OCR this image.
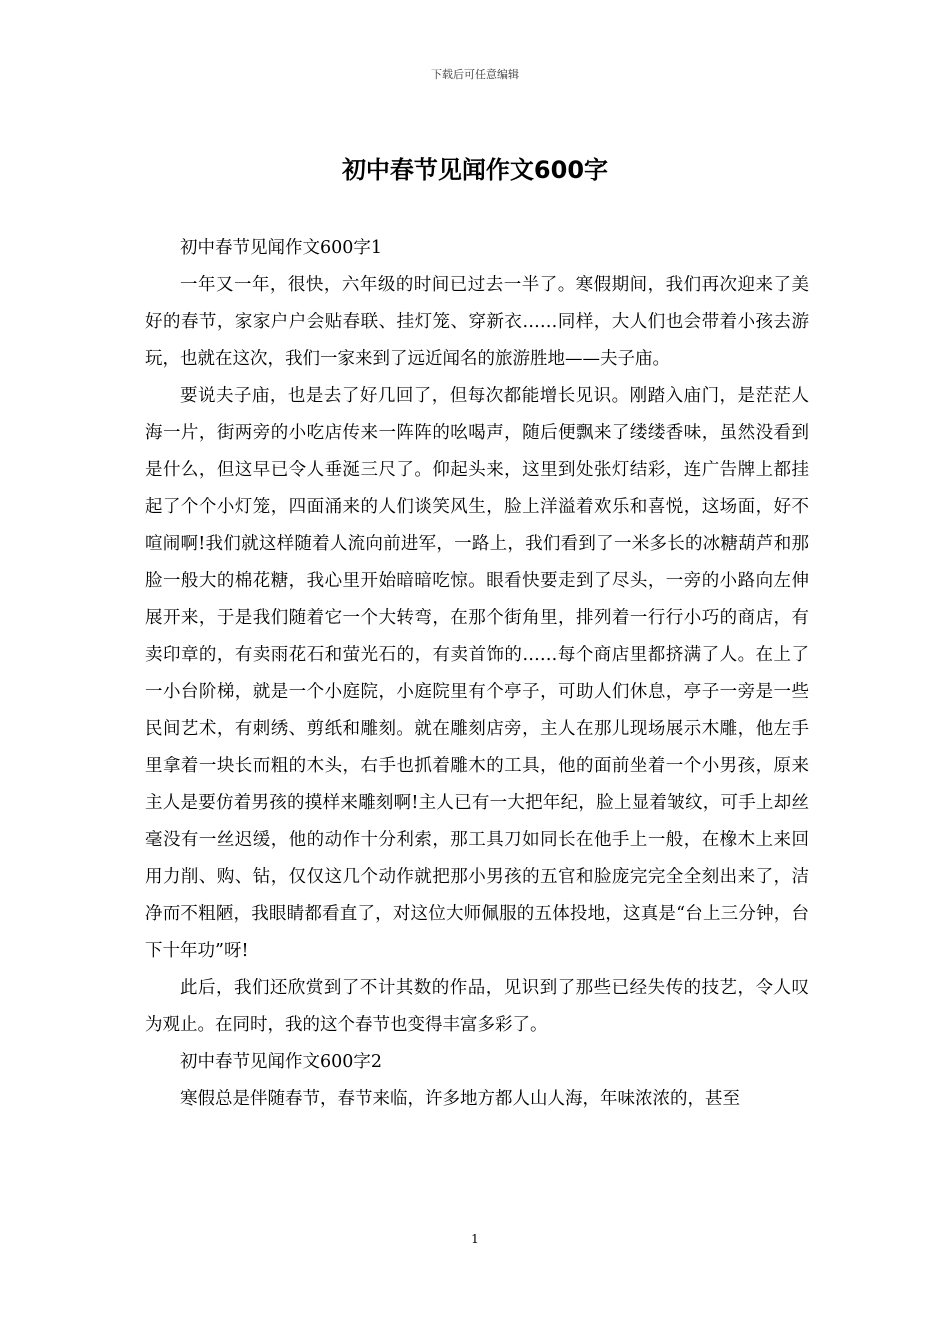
下载后可任意编辑
初中春节见闻作文600字

初中春节见闻作文600字1

一年又一年，很快，六年级的时间已过去一半了。寒假期间，我们再次迎来了美好的春节，家家户户会贴春联、挂灯笼、穿新衣……同样，大人们也会带着小孩去游玩，也就在这次，我们一家来到了远近闻名的旅游胜地——夫子庙。

要说夫子庙，也是去了好几回了，但每次都能增长见识。刚踏入庙门，是茫茫人海一片，街两旁的小吃店传来一阵阵的吆喝声，随后便飘来了缕缕香味，虽然没看到是什么，但这早已令人垂涎三尺了。仰起头来，这里到处张灯结彩，连广告牌上都挂起了个个小灯笼，四面涌来的人们谈笑风生，脸上洋溢着欢乐和喜悦，这场面，好不喧闹啊!我们就这样随着人流向前进军，一路上，我们看到了一米多长的冰糖葫芦和那脸一般大的棉花糖，我心里开始暗暗吃惊。眼看快要走到了尽头，一旁的小路向左伸展开来，于是我们随着它一个大转弯，在那个街角里，排列着一行行小巧的商店，有卖印章的，有卖雨花石和萤光石的，有卖首饰的……每个商店里都挤满了人。在上了一小台阶梯，就是一个小庭院，小庭院里有个亭子，可助人们休息，亭子一旁是一些民间艺术，有刺绣、剪纸和雕刻。就在雕刻店旁，主人在那儿现场展示木雕，他左手里拿着一块长而粗的木头，右手也抓着雕木的工具，他的面前坐着一个小男孩，原来主人是要仿着男孩的摸样来雕刻啊!主人已有一大把年纪，脸上显着皱纹，可手上却丝毫没有一丝迟缓，他的动作十分利索，那工具刀如同长在他手上一般，在橡木上来回用力削、购、钻，仅仅这几个动作就把那小男孩的五官和脸庞完完全全刻出来了，洁净而不粗陋，我眼睛都看直了，对这位大师佩服的五体投地，这真是“台上三分钟，台下十年功”呀!

此后，我们还欣赏到了不计其数的作品，见识到了那些已经失传的技艺，令人叹为观止。在同时，我的这个春节也变得丰富多彩了。

初中春节见闻作文600字2

寒假总是伴随春节，春节来临，许多地方都人山人海，年味浓浓的，甚至

1
